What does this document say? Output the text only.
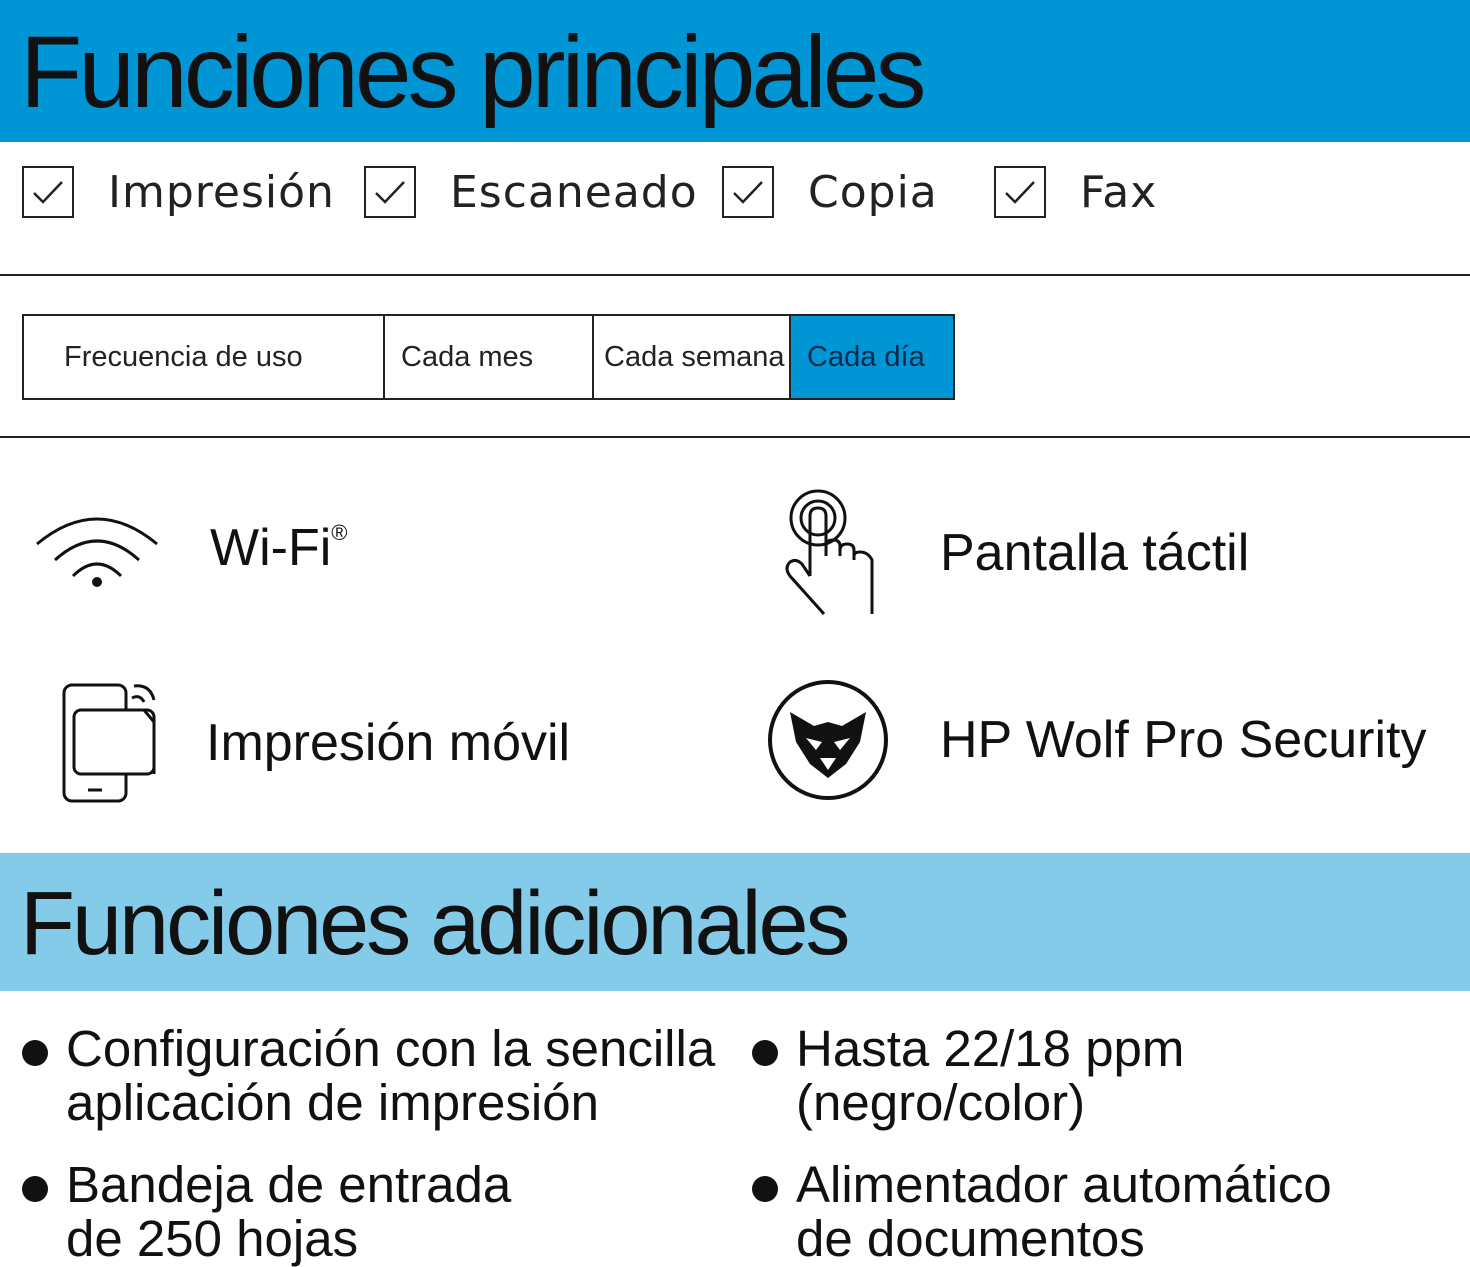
Funciones principales
Impresión	Escaneado	Copia	Fax
Frecuencia de uso	Cada mes	Cada semana Cada día
Wi-Fi®	Pantalla táctil
Impresión móvil	HP Wolf Pro Security
Funciones adicionales
Configuración con la sencilla
aplicación de impresión
Hasta 22/18 ppm
(negro/color)
Bandeja de entrada
de 250 hojas
Alimentador automático
de documentos
